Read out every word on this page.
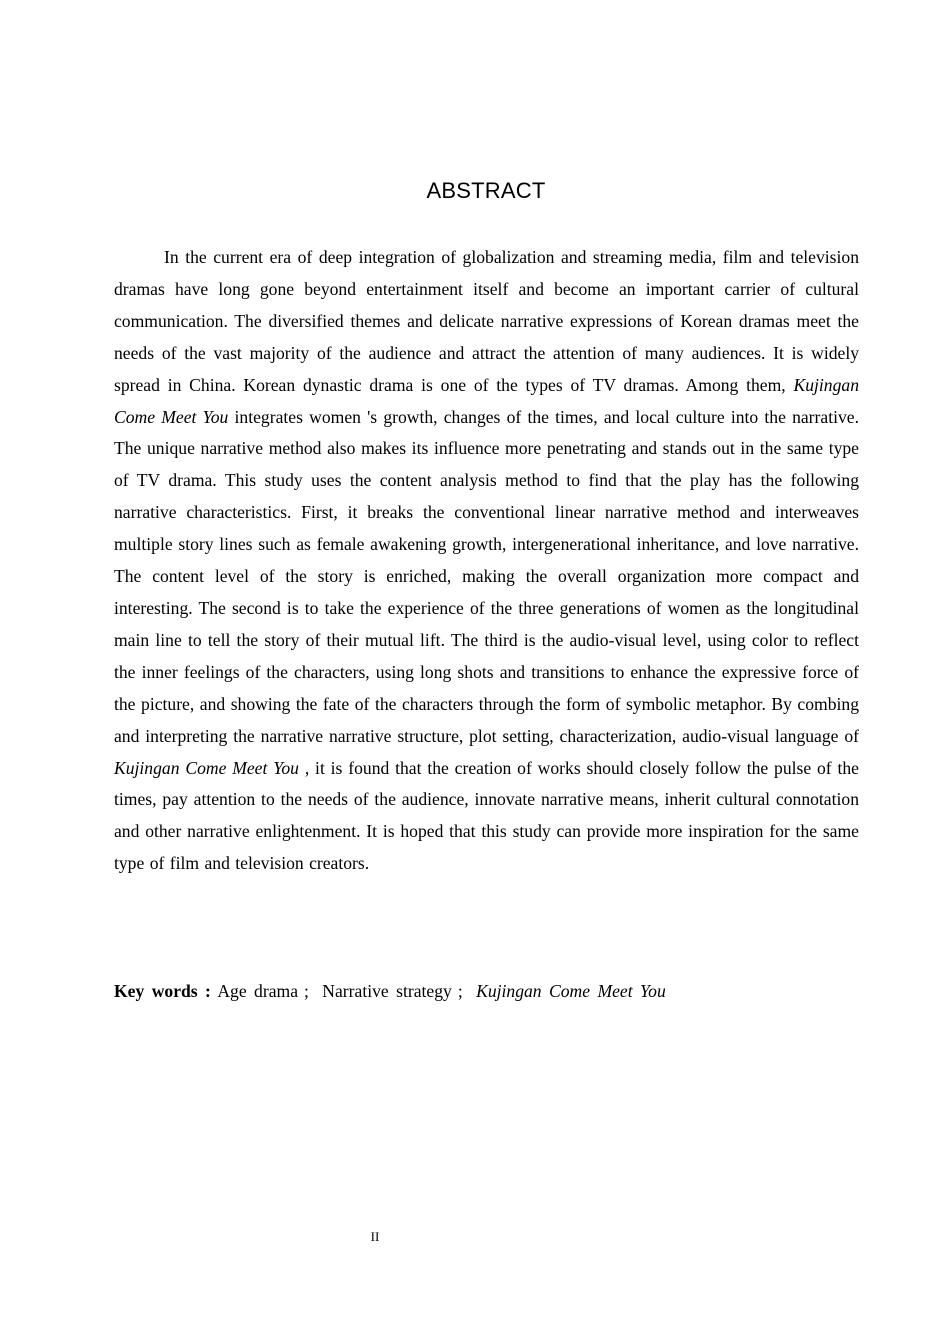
ABSTRACT

In the current era of deep integration of globalization and streaming media, film and television dramas have long gone beyond entertainment itself and become an important carrier of cultural communication. The diversified themes and delicate narrative expressions of Korean dramas meet the needs of the vast majority of the audience and attract the attention of many audiences. It is widely spread in China. Korean dynastic drama is one of the types of TV dramas. Among them, Kujingan Come Meet You integrates women 's growth, changes of the times, and local culture into the narrative. The unique narrative method also makes its influence more penetrating and stands out in the same type of TV drama. This study uses the content analysis method to find that the play has the following narrative characteristics. First, it breaks the conventional linear narrative method and interweaves multiple story lines such as female awakening growth, intergenerational inheritance, and love narrative. The content level of the story is enriched, making the overall organization more compact and interesting. The second is to take the experience of the three generations of women as the longitudinal main line to tell the story of their mutual lift. The third is the audio-visual level, using color to reflect the inner feelings of the characters, using long shots and transitions to enhance the expressive force of the picture, and showing the fate of the characters through the form of symbolic metaphor. By combing and interpreting the narrative narrative structure, plot setting, characterization, audio-visual language of Kujingan Come Meet You , it is found that the creation of works should closely follow the pulse of the times, pay attention to the needs of the audience, innovate narrative means, inherit cultural connotation and other narrative enlightenment. It is hoped that this study can provide more inspiration for the same type of film and television creators.

Key words : Age drama ; Narrative strategy ; Kujingan Come Meet You

II
